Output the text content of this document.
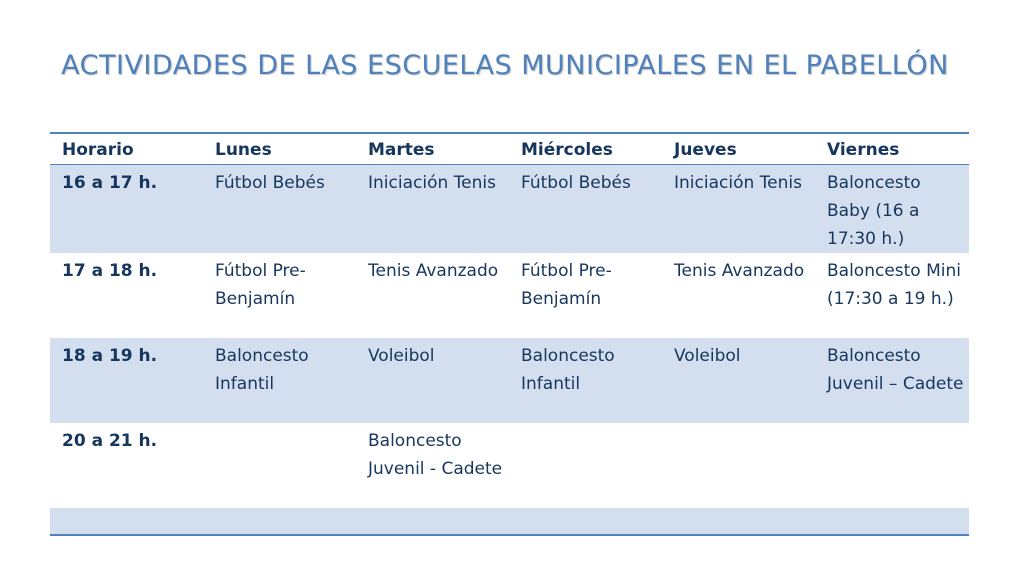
ACTIVIDADES DE LAS ESCUELAS MUNICIPALES EN EL PABELLÓN
Horario	Lunes	Martes	Miércoles	Jueves	Viernes
16 a 17 h.	Fútbol Bebés	Iniciación Tenis	Fútbol Bebés	Iniciación Tenis	Baloncesto Baby (16 a 17:30 h.)
17 a 18 h.	Fútbol Pre-Benjamín	Tenis Avanzado	Fútbol Pre-Benjamín	Tenis Avanzado	Baloncesto Mini (17:30 a 19 h.)
18 a 19 h.	Baloncesto Infantil	Voleibol	Baloncesto Infantil	Voleibol	Baloncesto Juvenil – Cadete
20 a 21 h.		Baloncesto Juvenil - Cadete			
